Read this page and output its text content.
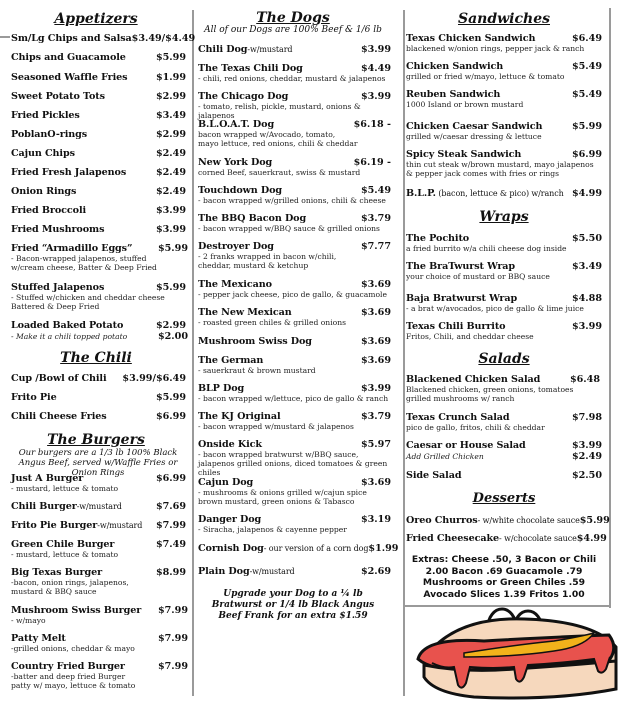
Appetizers
Sm/Lg Chips and Salsa $3.49/$4.49
Chips and Guacamole	$5.99
Seasoned Waffle Fries	$1.99
Sweet Potato Tots	$2.99
Fried Pickles	$3.49
PoblanO-rings	$2.99
Cajun Chips	$2.49
Fried Fresh Jalapenos	$2.49
Onion Rings	$2.49
Fried Broccoli	$3.99
Fried Mushrooms	$3.99
Fried “Armadillo Eggs”	$5.99
- Bacon-wrapped jalapenos, stuffed w/cream cheese, Batter & Deep Fried
Stuffed Jalapenos	$5.99
- Stuffed w/chicken and cheddar cheese Battered & Deep Fried
Loaded Baked Potato	$2.99
- Make it a chili topped potato	$2.00
The Chili
Cup /Bowl of Chili $3.99/$6.49
Frito Pie	$5.99
Chili Cheese Fries	$6.99
The Burgers
Our burgers are a 1/3 lb 100% Black Angus Beef, served w/Waffle Fries or Onion Rings
Just A Burger	$6.99
- mustard, lettuce & tomato
Chili Burger-w/mustard	$7.69
Frito Pie Burger-w/mustard $7.99
Green Chile Burger	$7.49
- mustard, lettuce & tomato
Big Texas Burger	$8.99
-bacon, onion rings, jalapenos, mustard & BBQ sauce
Mushroom Swiss Burger $7.99
- w/mayo
Patty Melt	$7.99
-grilled onions, cheddar & mayo
Country Fried Burger	$7.99
-batter and deep fried Burger patty w/ mayo, lettuce & tomato
The Dogs
All of our Dogs are 100% Beef & 1/6 lb
Chili Dog-w/mustard	$3.99
The Texas Chili Dog	$4.49
- chili, red onions, cheddar, mustard & jalapenos
The Chicago Dog	$3.99
- tomato, relish, pickle, mustard, onions & jalapenos
B.L.O.A.T. Dog	$6.18 -
bacon wrapped w/Avocado, tomato, mayo lettuce, red onions, chili & cheddar
New York Dog	$6.19 -
corned Beef, sauerkraut, swiss & mustard
Touchdown Dog	$5.49
- bacon wrapped w/grilled onions, chili & cheese
The BBQ Bacon Dog	$3.79
- bacon wrapped w/BBQ sauce & grilled onions
Destroyer Dog	$7.77
- 2 franks wrapped in bacon w/chili, cheddar, mustard & ketchup
The Mexicano	$3.69
- pepper jack cheese, pico de gallo, & guacamole
The New Mexican	$3.69
- roasted green chiles & grilled onions
Mushroom Swiss Dog	$3.69
The German	$3.69
- sauerkraut & brown mustard
BLP Dog	$3.99
- bacon wrapped w/lettuce, pico de gallo & ranch
The KJ Original	$3.79
- bacon wrapped w/mustard & jalapenos
Onside Kick	$5.97
- bacon wrapped bratwurst w/BBQ sauce, jalapenos grilled onions, diced tomatoes & green chiles
Cajun Dog	$3.69
- mushrooms & onions grilled w/cajun spice brown mustard, green onions & Tabasco
Danger Dog	$3.19
- Siracha, jalapenos & cayenne pepper
Cornish Dog- our version of a corn dog $1.99
Plain Dog-w/mustard	$2.69
Upgrade your Dog to a ¼ lb Bratwurst or 1/4 lb Black Angus Beef Frank for an extra $1.59
Sandwiches
Texas Chicken Sandwich	$6.49
blackened w/onion rings, pepper jack & ranch
Chicken Sandwich	$5.49
grilled or fried w/mayo, lettuce & tomato
Reuben Sandwich	$5.49
1000 Island or brown mustard
Chicken Caesar Sandwich	$5.99
grilled w/caesar dressing & lettuce
Spicy Steak Sandwich	$6.99
thin cut steak w/brown mustard, mayo jalapenos & pepper jack comes with fries or rings
B.L.P. (bacon, lettuce & pico) w/ranch $4.99
Wraps
The Pochito	$5.50
a fried burrito w/a chili cheese dog inside
The BraTwurst Wrap	$3.49
your choice of mustard or BBQ sauce
Baja Bratwurst Wrap	$4.88
- a brat w/avocados, pico de gallo & lime juice
Texas Chili Burrito	$3.99
Fritos, Chili, and cheddar cheese
Salads
Blackened Chicken Salad	$6.48
Blackened chicken, green onions, tomatoes grilled mushrooms w/ ranch
Texas Crunch Salad	$7.98
pico de gallo, fritos, chili & cheddar
Caesar or House Salad	$3.99
Add Grilled Chicken	$2.49
Side Salad	$2.50
Desserts
Oreo Churros- w/white chocolate sauce $5.99
Fried Cheesecake- w/chocolate sauce $4.99
Extras: Cheese .50, 3 Bacon or Chili
2.00 Bacon .69 Guacamole .79
Mushrooms or Green Chiles .59
Avocado Slices 1.39 Fritos 1.00
